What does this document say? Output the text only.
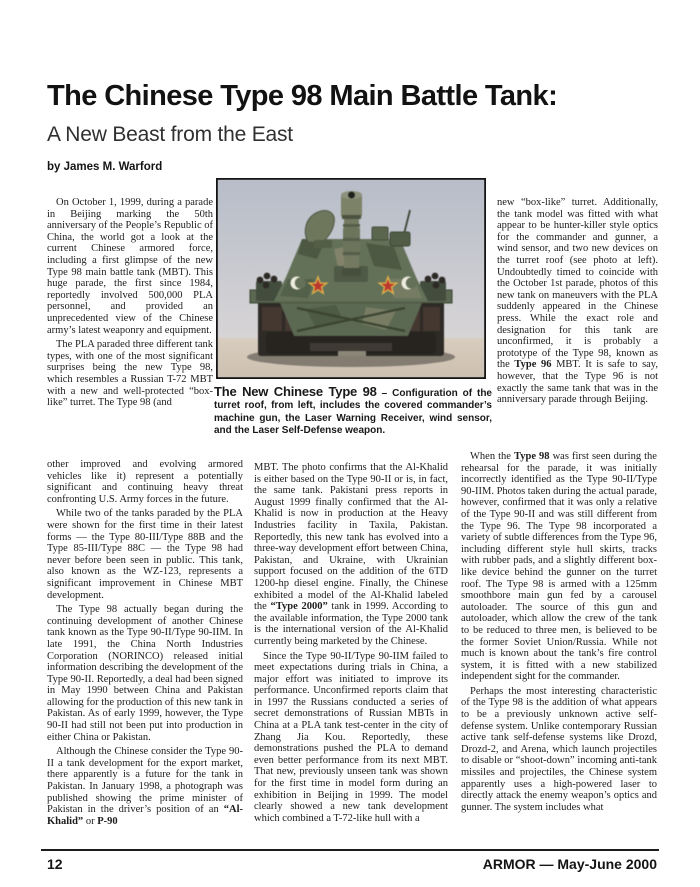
The Chinese Type 98 Main Battle Tank:
A New Beast from the East
by James M. Warford

On October 1, 1999, during a parade in Beijing marking the 50th anniversary of the People’s Republic of China, the world got a look at the current Chinese armored force, including a first glimpse of the new Type 98 main battle tank (MBT). This huge parade, the first since 1984, reportedly involved 500,000 PLA personnel, and provided an unprecedented view of the Chinese army’s latest weaponry and equipment.

The PLA paraded three different tank types, with one of the most significant surprises being the new Type 98, which resembles a Russian T-72 MBT with a new and well-protected “box-like” turret. The Type 98 (and

The New Chinese Type 98 – Configuration of the turret roof, from left, includes the covered commander’s machine gun, the Laser Warning Receiver, wind sensor, and the Laser Self-Defense weapon.

new “box-like” turret. Additionally, the tank model was fitted with what appear to be hunter-killer style optics for the commander and gunner, a wind sensor, and two new devices on the turret roof (see photo at left). Undoubtedly timed to coincide with the October 1st parade, photos of this new tank on maneuvers with the PLA suddenly appeared in the Chinese press. While the exact role and designation for this tank are unconfirmed, it is probably a prototype of the Type 98, known as the Type 96 MBT. It is safe to say, however, that the Type 96 is not exactly the same tank that was in the anniversary parade through Beijing.

other improved and evolving armored vehicles like it) represent a potentially significant and continuing heavy threat confronting U.S. Army forces in the future.

While two of the tanks paraded by the PLA were shown for the first time in their latest forms — the Type 80-III/Type 88B and the Type 85-III/Type 88C — the Type 98 had never before been seen in public. This tank, also known as the WZ-123, represents a significant improvement in Chinese MBT development.

The Type 98 actually began during the continuing development of another Chinese tank known as the Type 90-II/Type 90-IIM. In late 1991, the China North Industries Corporation (NORINCO) released initial information describing the development of the Type 90-II. Reportedly, a deal had been signed in May 1990 between China and Pakistan allowing for the production of this new tank in Pakistan. As of early 1999, however, the Type 90-II had still not been put into production in either China or Pakistan.

Although the Chinese consider the Type 90-II a tank development for the export market, there apparently is a future for the tank in Pakistan. In January 1998, a photograph was published showing the prime minister of Pakistan in the driver’s position of an “Al-Khalid” or P-90

MBT. The photo confirms that the Al-Khalid is either based on the Type 90-II or is, in fact, the same tank. Pakistani press reports in August 1999 finally confirmed that the Al-Khalid is now in production at the Heavy Industries facility in Taxila, Pakistan. Reportedly, this new tank has evolved into a three-way development effort between China, Pakistan, and Ukraine, with Ukrainian support focused on the addition of the 6TD 1200-hp diesel engine. Finally, the Chinese exhibited a model of the Al-Khalid labeled the “Type 2000” tank in 1999. According to the available information, the Type 2000 tank is the international version of the Al-Khalid currently being marketed by the Chinese.

Since the Type 90-II/Type 90-IIM failed to meet expectations during trials in China, a major effort was initiated to improve its performance. Unconfirmed reports claim that in 1997 the Russians conducted a series of secret demonstrations of Russian MBTs in China at a PLA tank test-center in the city of Zhang Jia Kou. Reportedly, these demonstrations pushed the PLA to demand even better performance from its next MBT. That new, previously unseen tank was shown for the first time in model form during an exhibition in Beijing in 1999. The model clearly showed a new tank development which combined a T-72-like hull with a

When the Type 98 was first seen during the rehearsal for the parade, it was initially incorrectly identified as the Type 90-II/Type 90-IIM. Photos taken during the actual parade, however, confirmed that it was only a relative of the Type 90-II and was still different from the Type 96. The Type 98 incorporated a variety of subtle differences from the Type 96, including different style hull skirts, tracks with rubber pads, and a slightly different box-like device behind the gunner on the turret roof. The Type 98 is armed with a 125mm smoothbore main gun fed by a carousel autoloader. The source of this gun and autoloader, which allow the crew of the tank to be reduced to three men, is believed to be the former Soviet Union/Russia. While not much is known about the tank’s fire control system, it is fitted with a new stabilized independent sight for the commander.

Perhaps the most interesting characteristic of the Type 98 is the addition of what appears to be a previously unknown active self-defense system. Unlike contemporary Russian active tank self-defense systems like Drozd, Drozd-2, and Arena, which launch projectiles to disable or “shoot-down” incoming anti-tank missiles and projectiles, the Chinese system apparently uses a high-powered laser to directly attack the enemy weapon’s optics and gunner. The system includes what

12	ARMOR — May-June 2000
